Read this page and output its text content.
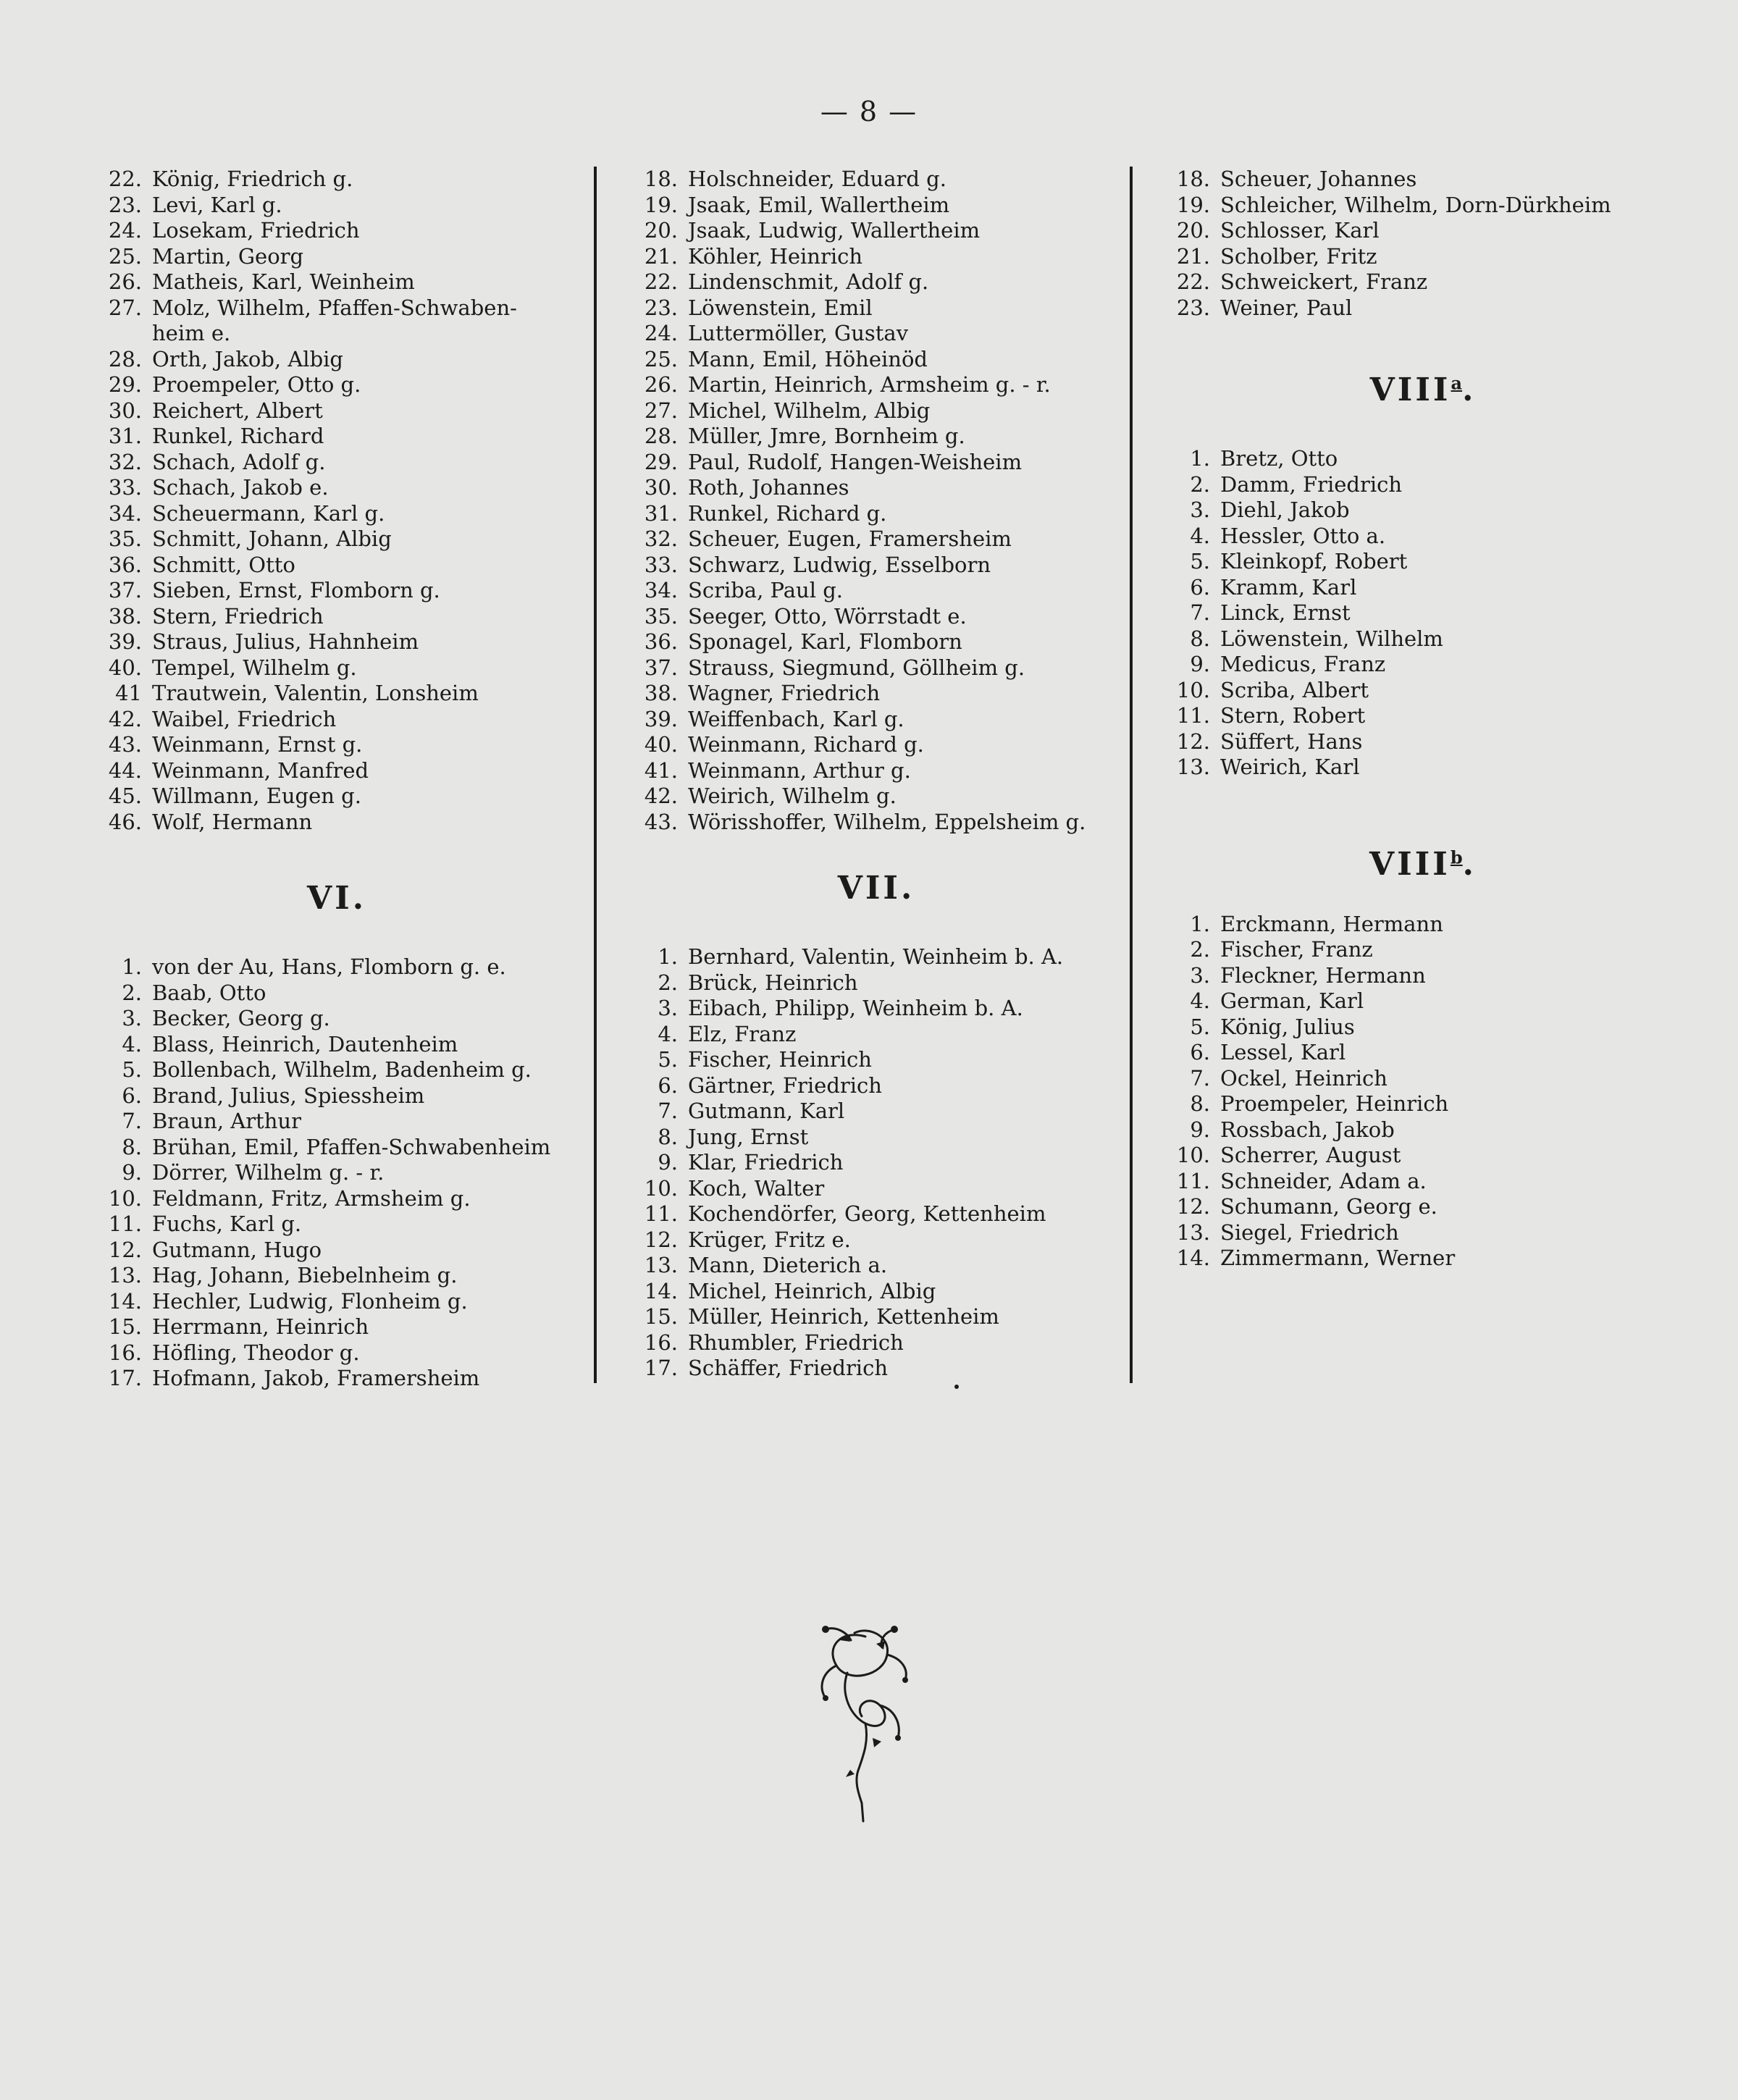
— 8 —
22. König, Friedrich g.
23. Levi, Karl g.
24. Losekam, Friedrich
25. Martin, Georg
26. Matheis, Karl, Weinheim
27. Molz, Wilhelm, Pfaffen-Schwaben-
heim e.
28. Orth, Jakob, Albig
29. Proempeler, Otto g.
30. Reichert, Albert
31. Runkel, Richard
32. Schach, Adolf g.
33. Schach, Jakob e.
34. Scheuermann, Karl g.
35. Schmitt, Johann, Albig
36. Schmitt, Otto
37. Sieben, Ernst, Flomborn g.
38. Stern, Friedrich
39. Straus, Julius, Hahnheim
40. Tempel, Wilhelm g.
41 Trautwein, Valentin, Lonsheim
42. Waibel, Friedrich
43. Weinmann, Ernst g.
44. Weinmann, Manfred
45. Willmann, Eugen g.
46. Wolf, Hermann
VI.
1. von der Au, Hans, Flomborn g. e.
2. Baab, Otto
3. Becker, Georg g.
4. Blass, Heinrich, Dautenheim
5. Bollenbach, Wilhelm, Badenheim g.
6. Brand, Julius, Spiessheim
7. Braun, Arthur
8. Brühan, Emil, Pfaffen-Schwabenheim
9. Dörrer, Wilhelm g. - r.
10. Feldmann, Fritz, Armsheim g.
11. Fuchs, Karl g.
12. Gutmann, Hugo
13. Hag, Johann, Biebelnheim g.
14. Hechler, Ludwig, Flonheim g.
15. Herrmann, Heinrich
16. Höfling, Theodor g.
17. Hofmann, Jakob, Framersheim
18. Holschneider, Eduard g.
19. Jsaak, Emil, Wallertheim
20. Jsaak, Ludwig, Wallertheim
21. Köhler, Heinrich
22. Lindenschmit, Adolf g.
23. Löwenstein, Emil
24. Luttermöller, Gustav
25. Mann, Emil, Höheinöd
26. Martin, Heinrich, Armsheim g. - r.
27. Michel, Wilhelm, Albig
28. Müller, Jmre, Bornheim g.
29. Paul, Rudolf, Hangen-Weisheim
30. Roth, Johannes
31. Runkel, Richard g.
32. Scheuer, Eugen, Framersheim
33. Schwarz, Ludwig, Esselborn
34. Scriba, Paul g.
35. Seeger, Otto, Wörrstadt e.
36. Sponagel, Karl, Flomborn
37. Strauss, Siegmund, Göllheim g.
38. Wagner, Friedrich
39. Weiffenbach, Karl g.
40. Weinmann, Richard g.
41. Weinmann, Arthur g.
42. Weirich, Wilhelm g.
43. Wörisshoffer, Wilhelm, Eppelsheim g.
VII.
1. Bernhard, Valentin, Weinheim b. A.
2. Brück, Heinrich
3. Eibach, Philipp, Weinheim b. A.
4. Elz, Franz
5. Fischer, Heinrich
6. Gärtner, Friedrich
7. Gutmann, Karl
8. Jung, Ernst
9. Klar, Friedrich
10. Koch, Walter
11. Kochendörfer, Georg, Kettenheim
12. Krüger, Fritz e.
13. Mann, Dieterich a.
14. Michel, Heinrich, Albig
15. Müller, Heinrich, Kettenheim
16. Rhumbler, Friedrich
17. Schäffer, Friedrich
18. Scheuer, Johannes
19. Schleicher, Wilhelm, Dorn-Dürkheim
20. Schlosser, Karl
21. Scholber, Fritz
22. Schweickert, Franz
23. Weiner, Paul
VIII$^a$.
1. Bretz, Otto
2. Damm, Friedrich
3. Diehl, Jakob
4. Hessler, Otto a.
5. Kleinkopf, Robert
6. Kramm, Karl
7. Linck, Ernst
8. Löwenstein, Wilhelm
9. Medicus, Franz
10. Scriba, Albert
11. Stern, Robert
12. Süffert, Hans
13. Weirich, Karl
VIII$^b$.
1. Erckmann, Hermann
2. Fischer, Franz
3. Fleckner, Hermann
4. German, Karl
5. König, Julius
6. Lessel, Karl
7. Ockel, Heinrich
8. Proempeler, Heinrich
9. Rossbach, Jakob
10. Scherrer, August
11. Schneider, Adam a.
12. Schumann, Georg e.
13. Siegel, Friedrich
14. Zimmermann, Werner
